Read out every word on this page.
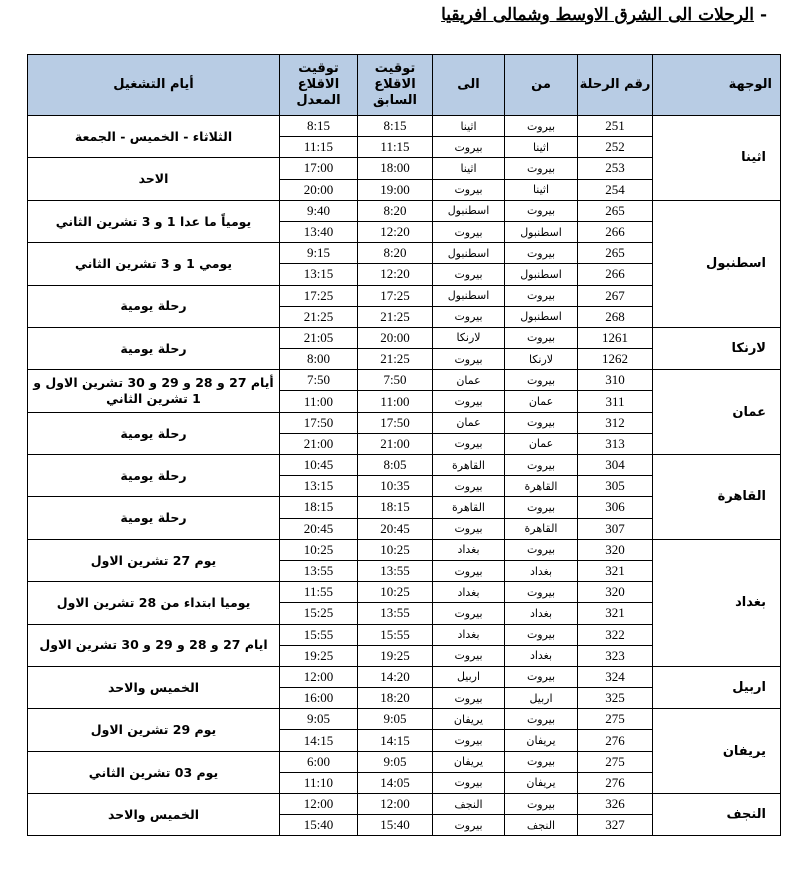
- الرحلات الى الشرق الاوسط وشمالى افريقيا
الوجهة	رقم الرحلة	من	الى	توقيت الاقلاع السابق	توقيت الاقلاع المعدل	أيام التشغيل
اثينا	251	بيروت	اثينا	8:15	8:15	الثلاثاء - الخميس - الجمعة
	252	اثينا	بيروت	11:15	11:15	
	253	بيروت	اثينا	18:00	17:00	الاحد
	254	اثينا	بيروت	19:00	20:00	
اسطنبول	265	بيروت	اسطنبول	8:20	9:40	يومياً ما عدا 1 و 3 تشرين الثاني
	266	اسطنبول	بيروت	12:20	13:40	
	265	بيروت	اسطنبول	8:20	9:15	يومي 1 و 3 تشرين الثاني
	266	اسطنبول	بيروت	12:20	13:15	
	267	بيروت	اسطنبول	17:25	17:25	رحلة يومية
	268	اسطنبول	بيروت	21:25	21:25	
لارنكا	1261	بيروت	لارنكا	20:00	21:05	رحلة يومية
	1262	لارنكا	بيروت	21:25	8:00	
عمان	310	بيروت	عمان	7:50	7:50	أيام 27 و 28 و 29 و 30 تشرين الاول و 1 تشرين الثاني
	311	عمان	بيروت	11:00	11:00	
	312	بيروت	عمان	17:50	17:50	رحلة يومية
	313	عمان	بيروت	21:00	21:00	
القاهرة	304	بيروت	القاهرة	8:05	10:45	رحلة يومية
	305	القاهرة	بيروت	10:35	13:15	
	306	بيروت	القاهرة	18:15	18:15	رحلة يومية
	307	القاهرة	بيروت	20:45	20:45	
بغداد	320	بيروت	بغداد	10:25	10:25	يوم 27 تشرين الاول
	321	بغداد	بيروت	13:55	13:55	
	320	بيروت	بغداد	10:25	11:55	يوميا ابتداء من 28 تشرين الاول
	321	بغداد	بيروت	13:55	15:25	
	322	بيروت	بغداد	15:55	15:55	ايام 27 و 28 و 29 و 30 تشرين الاول
	323	بغداد	بيروت	19:25	19:25	
اربيل	324	بيروت	اربيل	14:20	12:00	الخميس والاحد
	325	اربيل	بيروت	18:20	16:00	
يريفان	275	بيروت	يريفان	9:05	9:05	يوم 29 تشرين الاول
	276	يريفان	بيروت	14:15	14:15	
	275	بيروت	يريفان	9:05	6:00	يوم 03 تشرين الثاني
	276	يريفان	بيروت	14:05	11:10	
النجف	326	بيروت	النجف	12:00	12:00	الخميس والاحد
	327	النجف	بيروت	15:40	15:40	
